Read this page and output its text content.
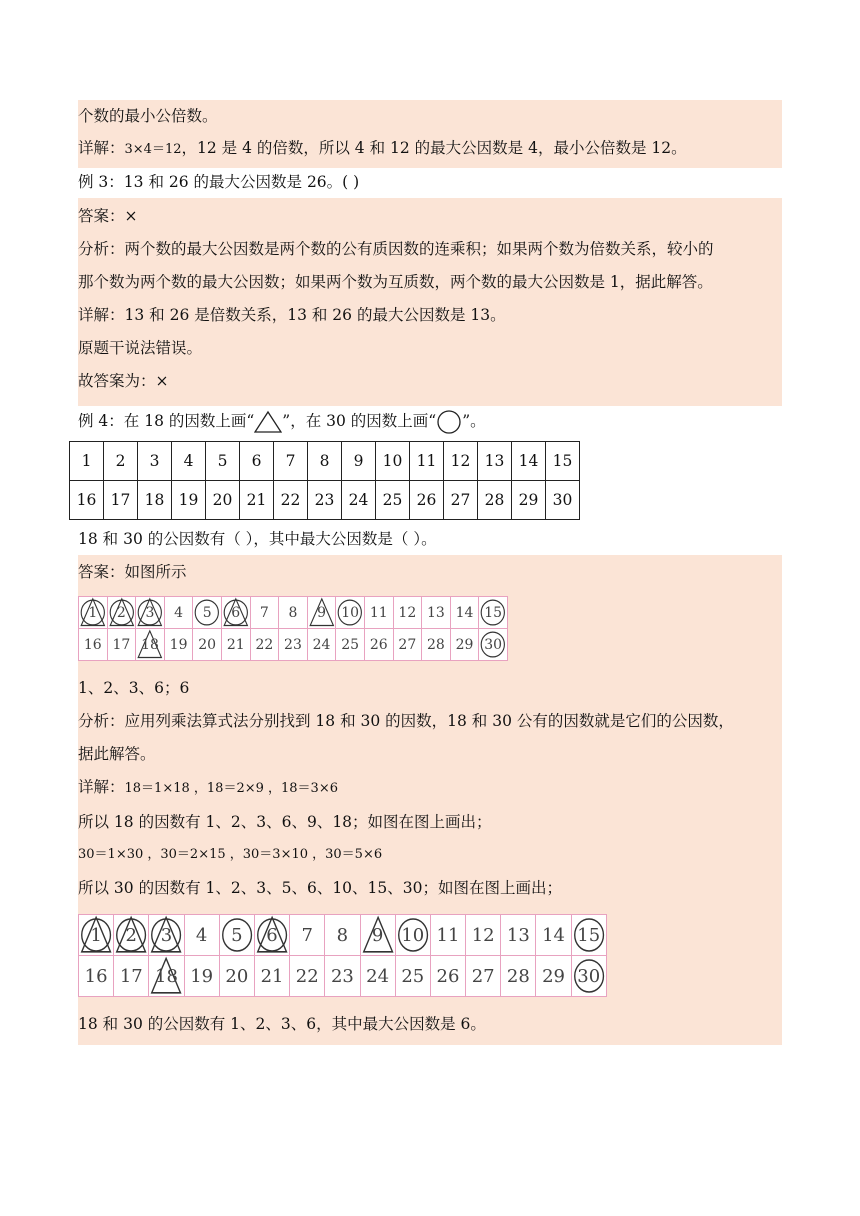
个数的最小公倍数。
详解：3×4＝12，12 是 4 的倍数，所以 4 和 12 的最大公因数是 4，最小公倍数是 12。
例 3：13 和 26 的最大公因数是 26。( )
答案：×
分析：两个数的最大公因数是两个数的公有质因数的连乘积；如果两个数为倍数关系，较小的
那个数为两个数的最大公因数；如果两个数为互质数，两个数的最大公因数是 1，据此解答。
详解：13 和 26 是倍数关系，13 和 26 的最大公因数是 13。
原题干说法错误。
故答案为：×
例 4：在 18 的因数上画“ ”，在 30 的因数上画“ ”。
1	2	3	4	5	6	7	8	9	10	11	12	13	14	15
16	17	18	19	20	21	22	23	24	25	26	27	28	29	30
18 和 30 的公因数有（ ），其中最大公因数是（ ）。
答案：如图所示
1	2	3	4	5	6	7	8	9	10	11	12	13	14	15

16	17	18	19	20	21	22	23	24	25	26	27	28	29	30
1、2、3、6；6
分析：应用列乘法算式法分别找到 18 和 30 的因数，18 和 30 公有的因数就是它们的公因数，
据此解答。
详解：18＝1×18 ，18＝2×9 ，18＝3×6
所以 18 的因数有 1、2、3、6、9、18；如图在图上画出；
30＝1×30 ，30＝2×15 ，30＝3×10 ，30＝5×6
所以 30 的因数有 1、2、3、5、6、10、15、30；如图在图上画出；
1	2	3	4	5	6	7	8	9	10	11	12	13	14	15

16	17	18	19	20	21	22	23	24	25	26	27	28	29	30
18 和 30 的公因数有 1、2、3、6，其中最大公因数是 6。
